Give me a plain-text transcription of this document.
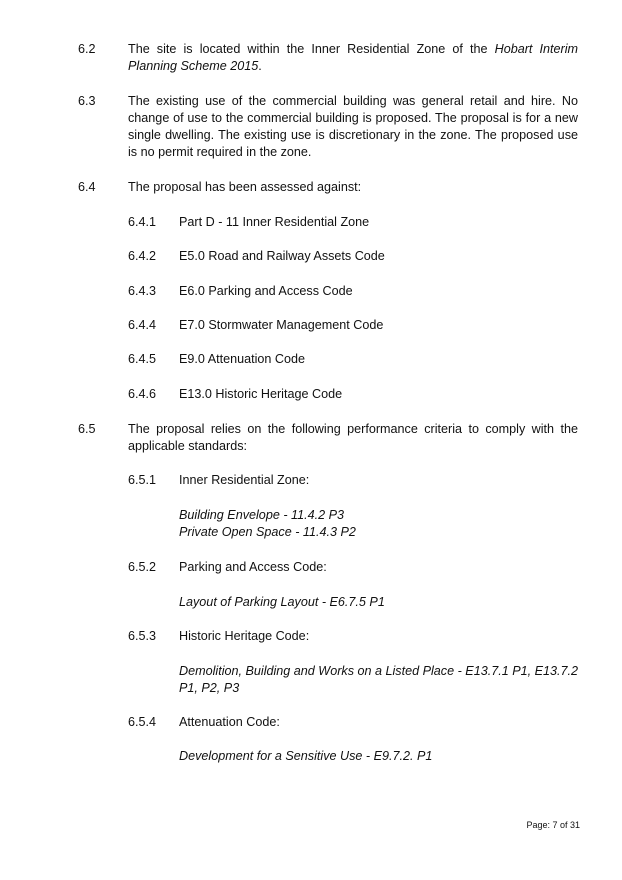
6.2	The site is located within the Inner Residential Zone of the Hobart Interim Planning Scheme 2015.
6.3	The existing use of the commercial building was general retail and hire. No change of use to the commercial building is proposed. The proposal is for a new single dwelling. The existing use is discretionary in the zone. The proposed use is no permit required in the zone.
6.4	The proposal has been assessed against:
6.4.1 Part D - 11 Inner Residential Zone
6.4.2 E5.0 Road and Railway Assets Code
6.4.3 E6.0 Parking and Access Code
6.4.4 E7.0 Stormwater Management Code
6.4.5 E9.0 Attenuation Code
6.4.6 E13.0 Historic Heritage Code
6.5	The proposal relies on the following performance criteria to comply with the applicable standards:
6.5.1 Inner Residential Zone:
Building Envelope - 11.4.2 P3
Private Open Space - 11.4.3 P2
6.5.2 Parking and Access Code:
Layout of Parking Layout - E6.7.5 P1
6.5.3 Historic Heritage Code:
Demolition, Building and Works on a Listed Place - E13.7.1 P1, E13.7.2 P1, P2, P3
6.5.4 Attenuation Code:
Development for a Sensitive Use - E9.7.2. P1
Page: 7 of 31
